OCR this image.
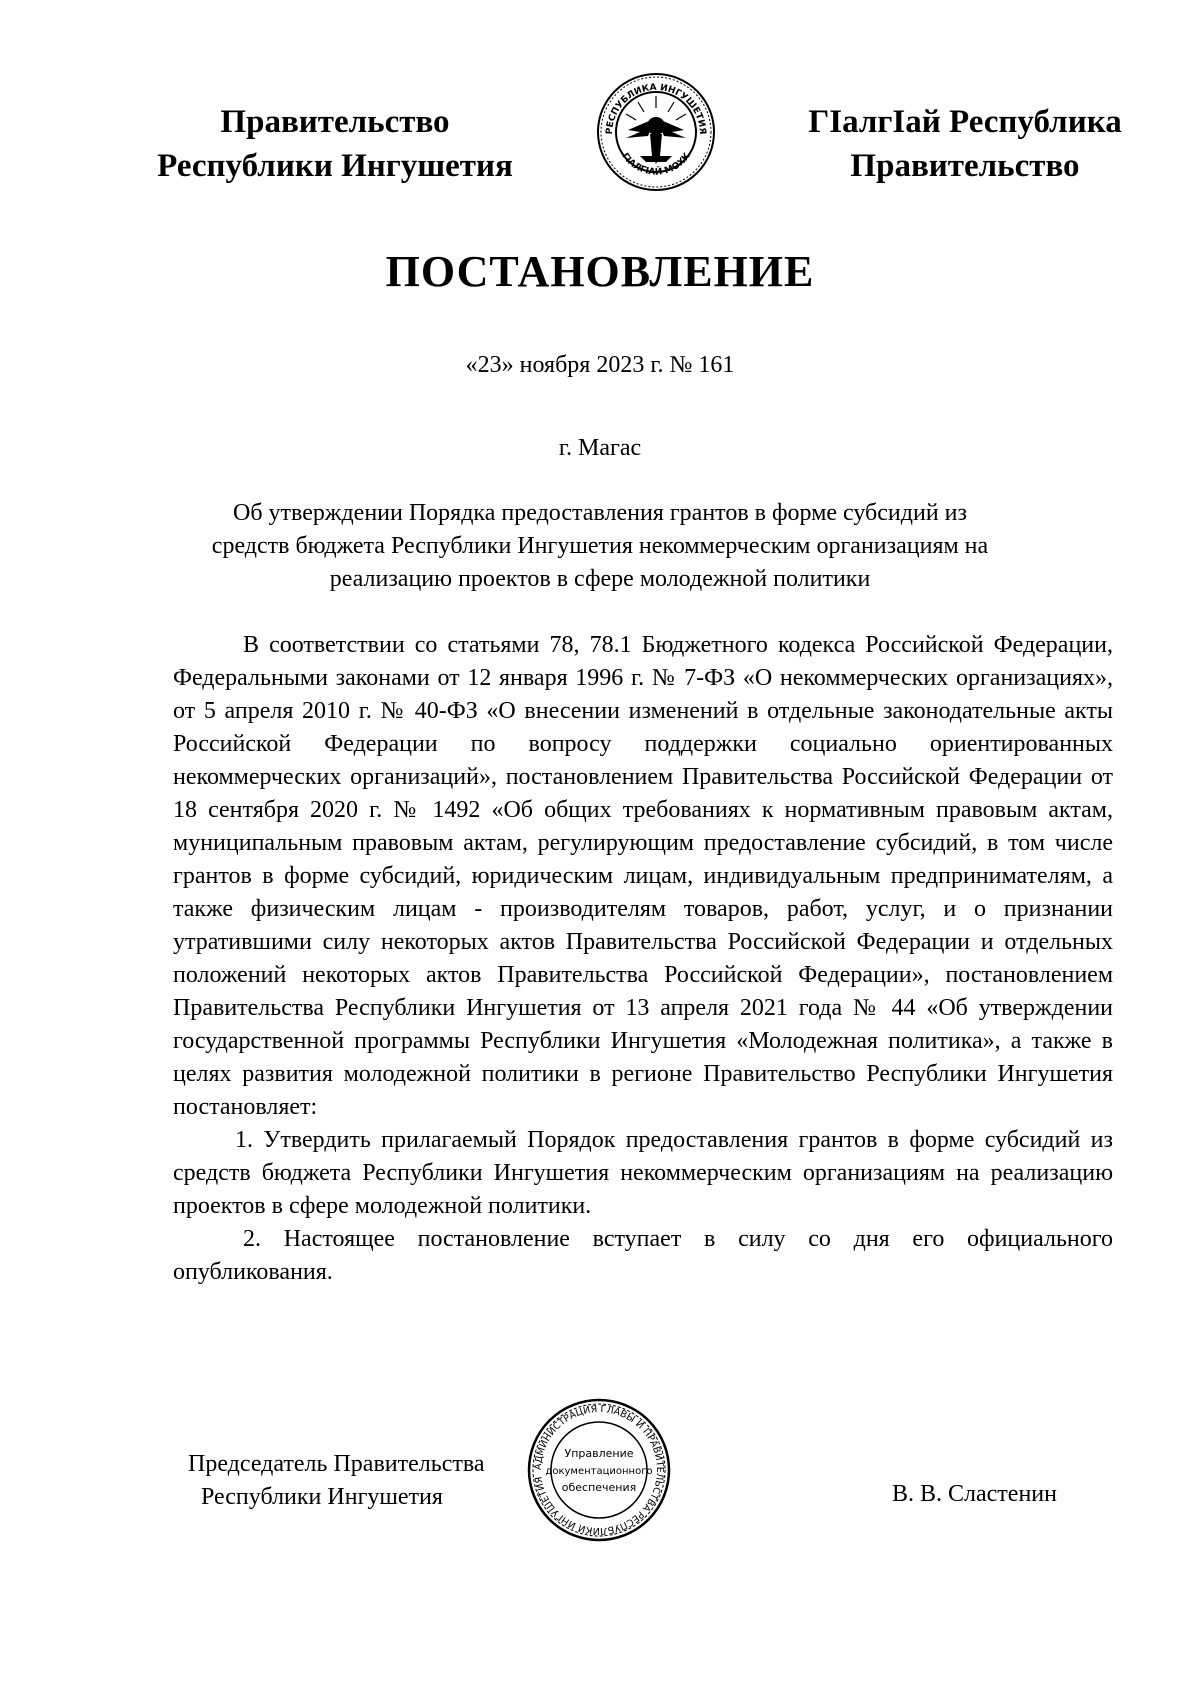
Правительство
Республики Ингушетия
РЕСПУБЛИКА ИНГУШЕТИЯ
ГIАЛГIАЙ МОХК
ГIалгIай Республика
Правительство
ПОСТАНОВЛЕНИЕ
«23» ноября 2023 г. № 161
г. Магас
Об утверждении Порядка предоставления грантов в форме субсидий из
средств бюджета Республики Ингушетия некоммерческим организациям на
реализацию проектов в сфере молодежной политики

В соответствии со статьями 78, 78.1 Бюджетного кодекса Российской Федерации, Федеральными законами от 12 января 1996 г. № 7-ФЗ «О некоммерческих организациях», от 5 апреля 2010 г. № 40-ФЗ «О внесении изменений в отдельные законодательные акты Российской Федерации по вопросу поддержки социально ориентированных некоммерческих организаций», постановлением Правительства Российской Федерации от 18 сентября 2020 г. № 1492 «Об общих требованиях к нормативным правовым актам, муниципальным правовым актам, регулирующим предоставление субсидий, в том числе грантов в форме субсидий, юридическим лицам, индивидуальным предпринимателям, а также физическим лицам - производителям товаров, работ, услуг, и о признании утратившими силу некоторых актов Правительства Российской Федерации и отдельных положений некоторых актов Правительства Российской Федерации», постановлением Правительства Республики Ингушетия от 13 апреля 2021 года № 44 «Об утверждении государственной программы Республики Ингушетия «Молодежная политика», а также в целях развития молодежной политики в регионе Правительство Республики Ингушетия постановляет:

1. Утвердить прилагаемый Порядок предоставления грантов в форме субсидий из средств бюджета Республики Ингушетия некоммерческим организациям на реализацию проектов в сфере молодежной политики.

2. Настоящее постановление вступает в силу со дня его официального опубликования.

Председатель Правительства
Республики Ингушетия
АДМИНИСТРАЦИЯ ГЛАВЫ И ПРАВИТЕЛЬСТВА РЕСПУБЛИКИ ИНГУШЕТИЯ
Управление
документационного
обеспечения	В. В. Сластенин
